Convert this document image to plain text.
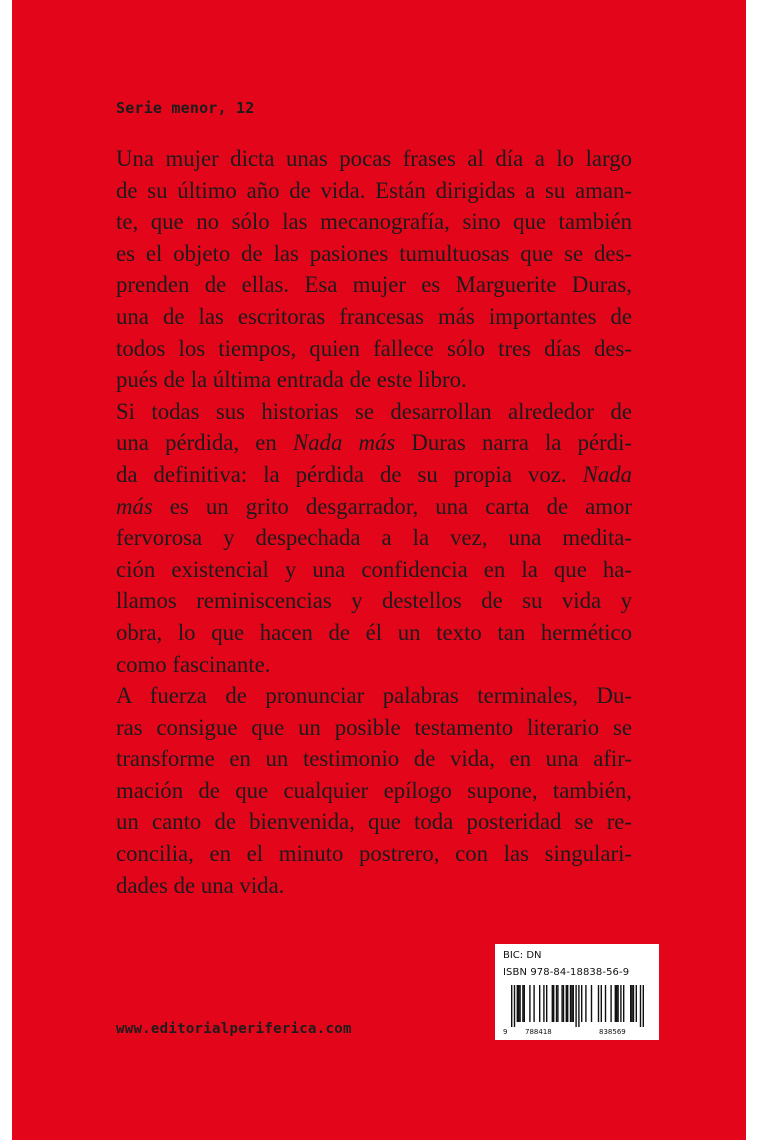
Serie menor, 12
Una mujer dicta unas pocas frases al día a lo largo
de su último año de vida. Están dirigidas a su aman-
te, que no sólo las mecanografía, sino que también
es el objeto de las pasiones tumultuosas que se des-
prenden de ellas. Esa mujer es Marguerite Duras,
una de las escritoras francesas más importantes de
todos los tiempos, quien fallece sólo tres días des-
pués de la última entrada de este libro.
Si todas sus historias se desarrollan alrededor de
una pérdida, en Nada más Duras narra la pérdi-
da definitiva: la pérdida de su propia voz. Nada
más es un grito desgarrador, una carta de amor
fervorosa y despechada a la vez, una medita-
ción existencial y una confidencia en la que ha-
llamos reminiscencias y destellos de su vida y
obra, lo que hacen de él un texto tan hermético
como fascinante.
A fuerza de pronunciar palabras terminales, Du-
ras consigue que un posible testamento literario se
transforme en un testimonio de vida, en una afir-
mación de que cualquier epílogo supone, también,
un canto de bienvenida, que toda posteridad se re-
concilia, en el minuto postrero, con las singulari-
dades de una vida.
www.editorialperiferica.com
BIC: DN
ISBN 978-84-18838-56-9
9	788418	838569
